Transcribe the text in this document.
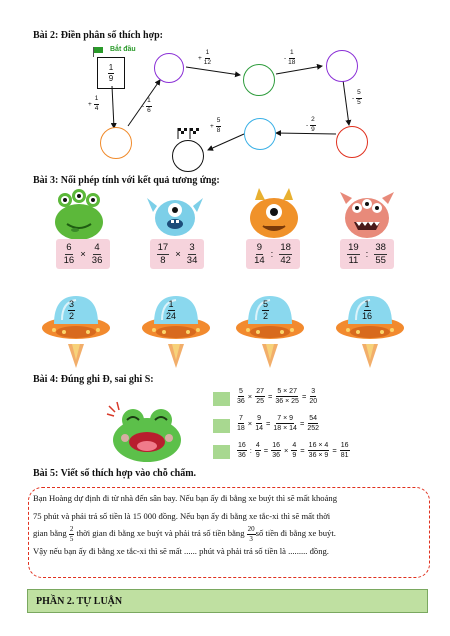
Bài 2: Điền phân số thích hợp:
Bắt đầu
$\frac{1}{9}$
+ $\frac{1}{12}$	- $\frac{1}{18}$
+ $\frac{1}{4}$	- $\frac{1}{6}$	- $\frac{5}{5}$
+ $\frac{5}{8}$	- $\frac{2}{9}$
Bài 3: Nối phép tính với kết quả tương ứng:
$\frac{6}{16} \times \frac{4}{36}$	$\frac{17}{8} \times \frac{3}{34}$	$\frac{9}{14}$ : $\frac{18}{42}$	$\frac{19}{11}$ : $\frac{38}{55}$
$\frac{3}{2}$	$\frac{1}{24}$	$\frac{5}{2}$	$\frac{1}{16}$
Bài 4: Đúng ghi Đ, sai ghi S:
$\frac{5}{36} \times \frac{27}{25} = \frac{5 \times 27}{36 \times 25} = \frac{3}{20}$
$\frac{7}{18} \times \frac{9}{14} = \frac{7 \times 9}{18 \times 14} = \frac{54}{252}$
$\frac{16}{36}$ : $\frac{4}{9} = \frac{16}{36} \times \frac{4}{9} = \frac{16 \times 4}{36 \times 9} = \frac{16}{81}$
Bài 5: Viết số thích hợp vào chỗ chấm.
Bạn Hoàng dự định đi từ nhà đến sân bay. Nếu bạn ấy đi bằng xe buýt thì sẽ mất khoảng
75 phút và phải trả số tiền là 15 000 đồng. Nếu bạn ấy đi bằng xe tắc-xi thì sẽ mất thời
gian bằng $\frac{2}{5}$ thời gian đi bằng xe buýt và phải trả số tiền bằng $\frac{20}{3}$ số tiền đi bằng xe buýt.
Vậy nếu bạn ấy đi bằng xe tắc-xi thì sẽ mất ...... phút và phải trả số tiền là ......... đồng.
PHẦN 2. TỰ LUẬN
